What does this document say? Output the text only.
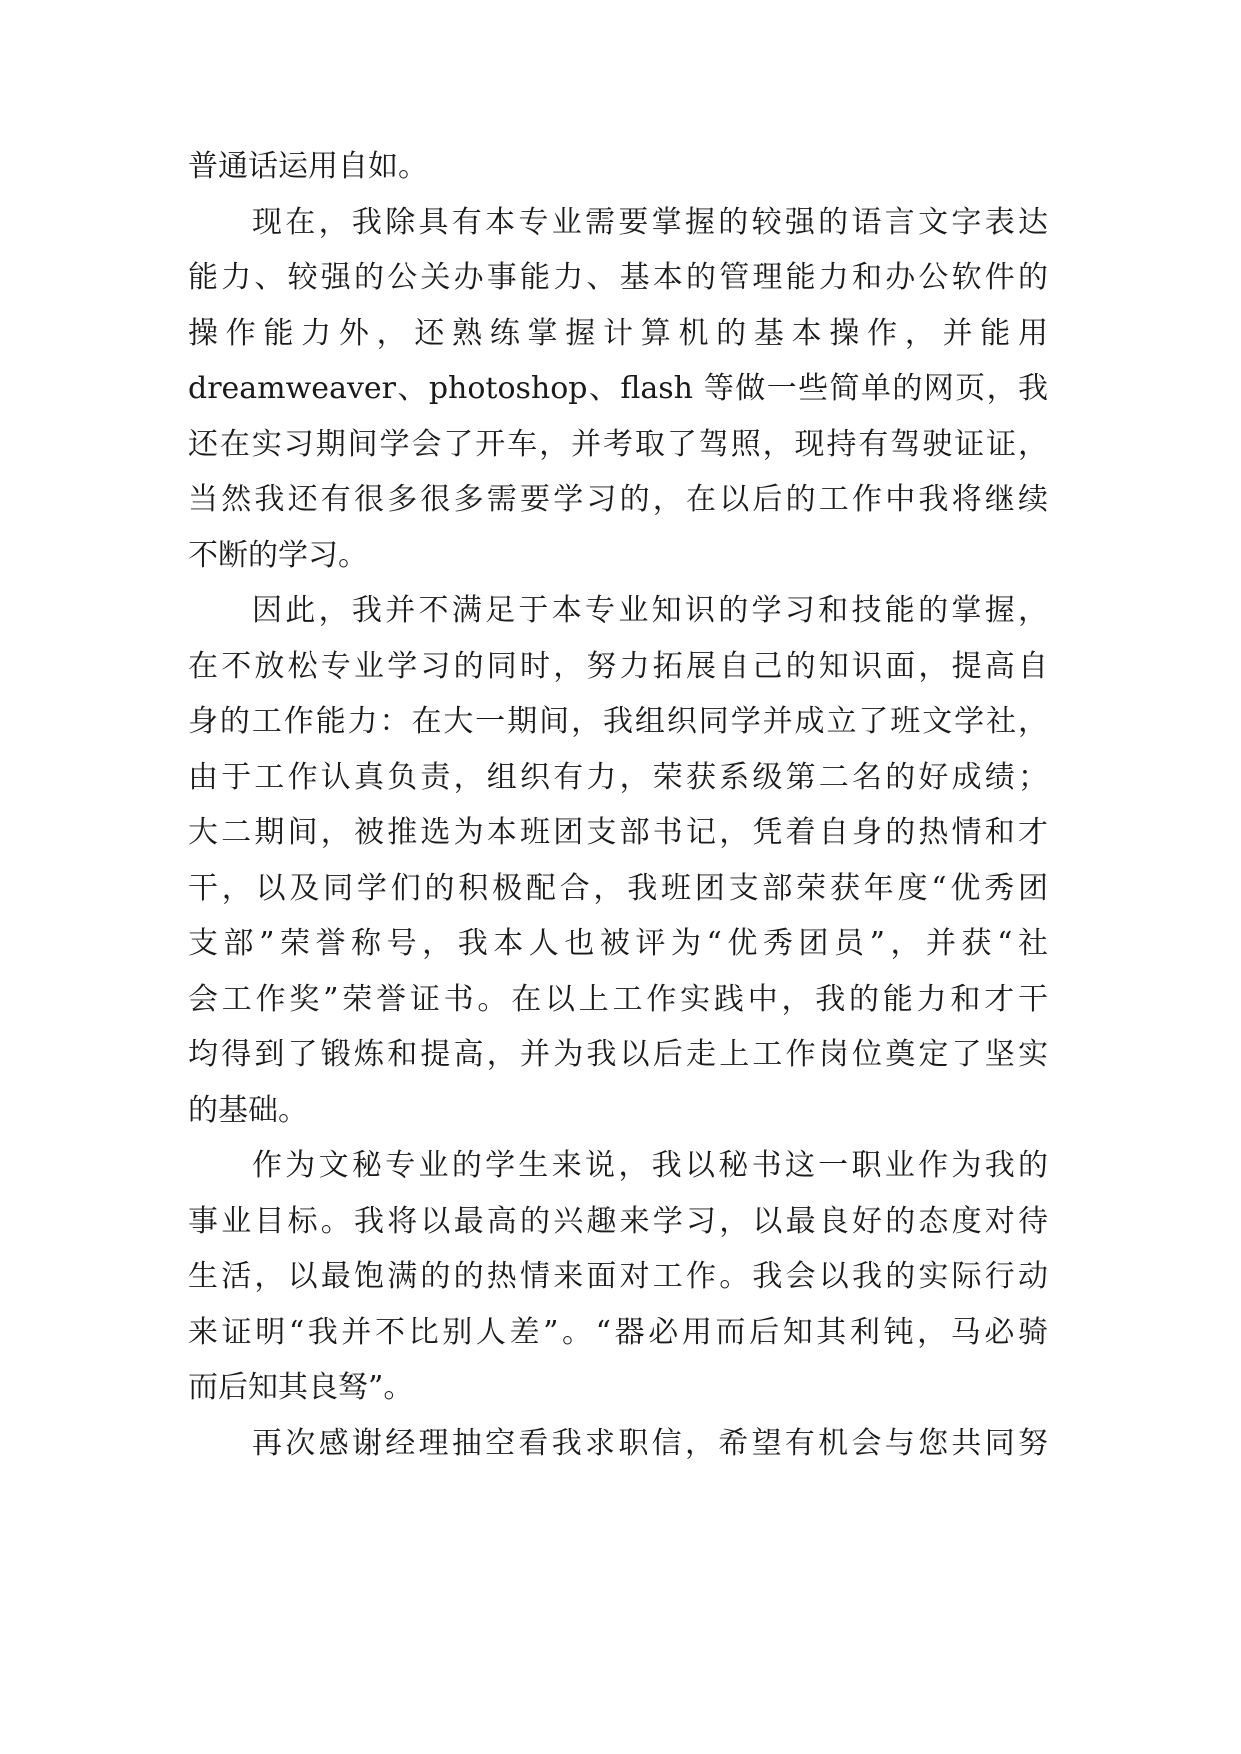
普通话运用自如。
现在，我除具有本专业需要掌握的较强的语言文字表达
能力、较强的公关办事能力、基本的管理能力和办公软件的
操作能力外，还熟练掌握计算机的基本操作，并能用
dreamweaver、photoshop、flash 等做一些简单的网页，我
还在实习期间学会了开车，并考取了驾照，现持有驾驶证证，
当然我还有很多很多需要学习的，在以后的工作中我将继续
不断的学习。
因此，我并不满足于本专业知识的学习和技能的掌握，
在不放松专业学习的同时，努力拓展自己的知识面，提高自
身的工作能力：在大一期间，我组织同学并成立了班文学社，
由于工作认真负责，组织有力，荣获系级第二名的好成绩；
大二期间，被推选为本班团支部书记，凭着自身的热情和才
干，以及同学们的积极配合，我班团支部荣获年度“优秀团
支部”荣誉称号，我本人也被评为“优秀团员”，并获“社
会工作奖”荣誉证书。在以上工作实践中，我的能力和才干
均得到了锻炼和提高，并为我以后走上工作岗位奠定了坚实
的基础。
作为文秘专业的学生来说，我以秘书这一职业作为我的
事业目标。我将以最高的兴趣来学习，以最良好的态度对待
生活，以最饱满的的热情来面对工作。我会以我的实际行动
来证明“我并不比别人差”。“器必用而后知其利钝，马必骑
而后知其良驽”。
再次感谢经理抽空看我求职信，希望有机会与您共同努
